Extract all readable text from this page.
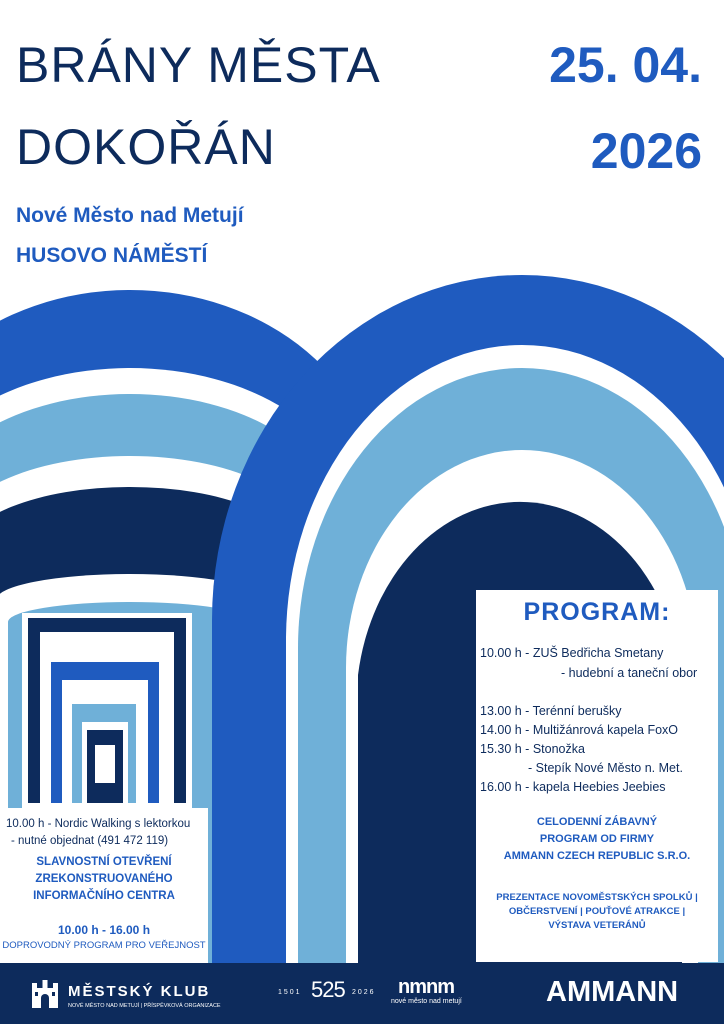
BRÁNY MĚSTA
DOKOŘÁN
25. 04.
2026
Nové Město nad Metují
HUSOVO NÁMĚSTÍ
PROGRAM:
10.00 h - ZUŠ Bedřicha Smetany
- hudební a taneční obor
13.00 h - Terénní berušky
14.00 h - Multižánrová kapela FoxO
15.30 h - Stonožka
- Stepík Nové Město n. Met.
16.00 h - kapela Heebies Jeebies
CELODENNÍ ZÁBAVNÝ
PROGRAM OD FIRMY
AMMANN CZECH REPUBLIC S.R.O.
PREZENTACE NOVOMĚSTSKÝCH SPOLKŮ |
OBČERSTVENÍ | POUŤOVÉ ATRAKCE |
VÝSTAVA VETERÁNŮ
10.00 h - Nordic Walking s lektorkou
- nutné objednat (491 472 119)
SLAVNOSTNÍ OTEVŘENÍ
ZREKONSTRUOVANÉHO
INFORMAČNÍHO CENTRA
10.00 h - 16.00 h
DOPROVODNÝ PROGRAM PRO VEŘEJNOST
MĚSTSKÝ KLUB
NOVÉ MĚSTO NAD METUJÍ | PŘÍSPĚVKOVÁ ORGANIZACE
1501 525 2026 nmnm
nové město nad metují	AMMANN
